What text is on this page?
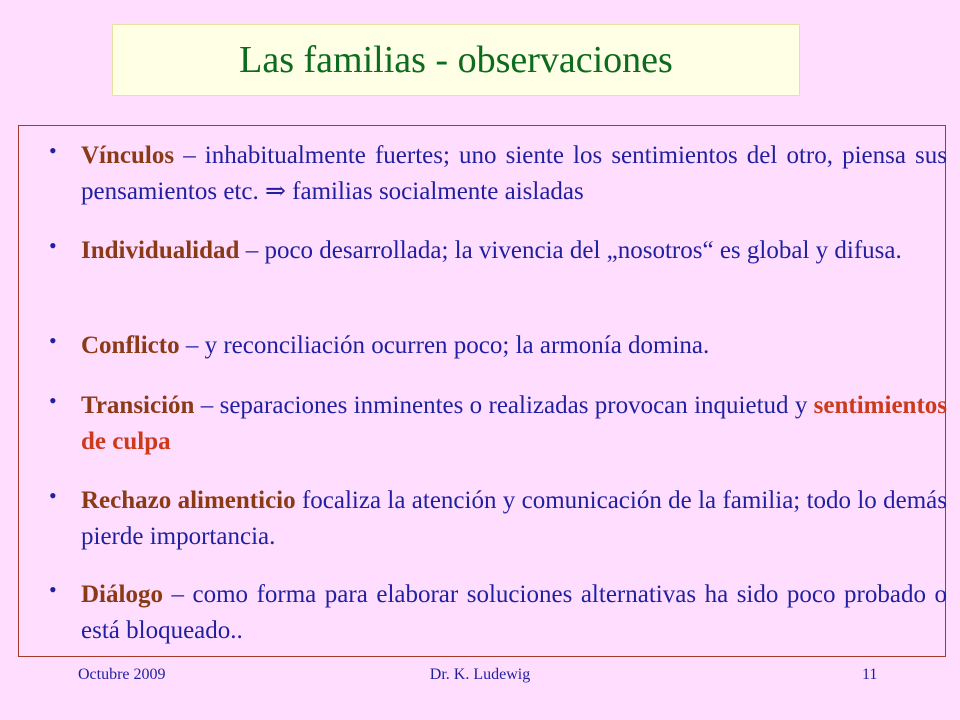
Las familias - observaciones
• Vínculos – inhabitualmente fuertes; uno siente los sentimientos del otro, piensa sus pensamientos etc. ⇒ familias socialmente aisladas
• Individualidad – poco desarrollada; la vivencia del „nosotros“ es global y difusa.
• Conflicto – y reconciliación ocurren poco; la armonía domina.
• Transición – separaciones inminentes o realizadas provocan inquietud y sentimientos de culpa
• Rechazo alimenticio focaliza la atención y comunicación de la familia; todo lo demás pierde importancia.
• Diálogo – como forma para elaborar soluciones alternativas ha sido poco probado o está bloqueado..
Octubre 2009	Dr. K. Ludewig	11
